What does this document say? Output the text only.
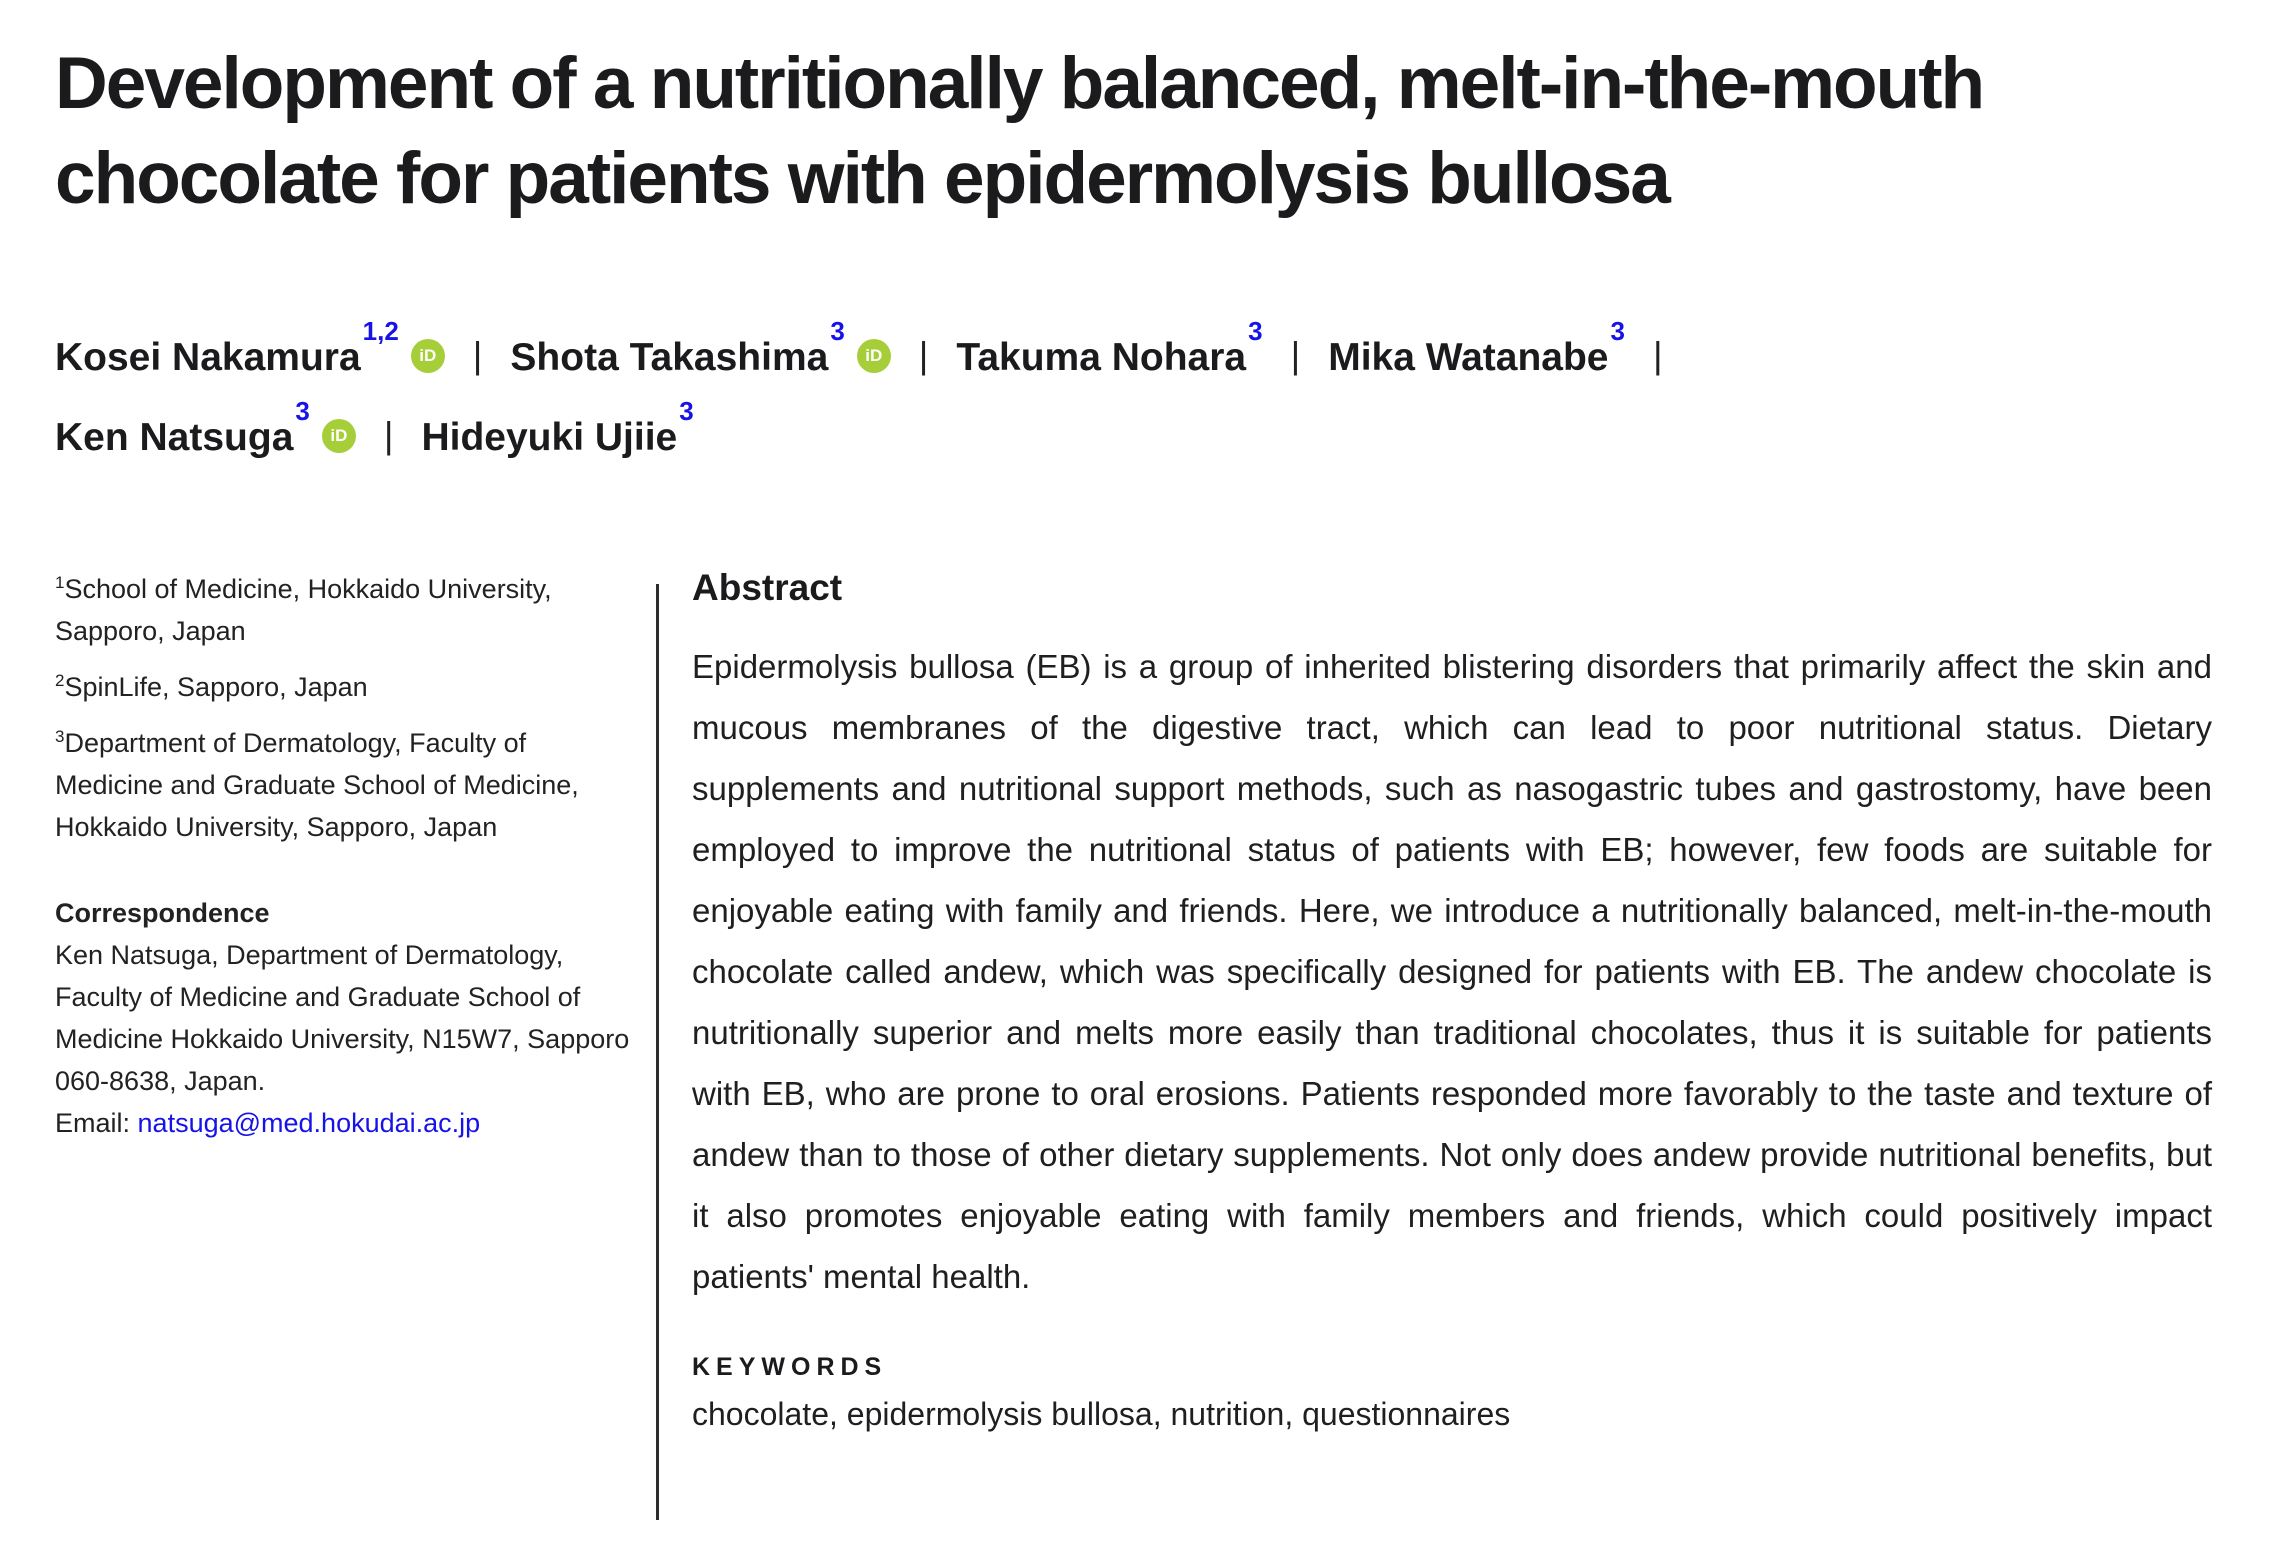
Development of a nutritionally balanced, melt-in-the-mouth
chocolate for patients with epidermolysis bullosa
Kosei Nakamura$^{1,2}$iD | Shota Takashima$^3$iD | Takuma Nohara$^3$| Mika Watanabe$^3$|
Ken Natsuga$^3$iD | Hideyuki Ujiie$^3$
$^1$School of Medicine, Hokkaido University, Sapporo, Japan
$^2$SpinLife, Sapporo, Japan
$^3$Department of Dermatology, Faculty of Medicine and Graduate School of Medicine, Hokkaido University, Sapporo, Japan
Correspondence
Ken Natsuga, Department of Dermatology, Faculty of Medicine and Graduate School of Medicine Hokkaido University, N15W7, Sapporo 060-8638, Japan.
Email: natsuga@med.hokudai.ac.jp
Abstract
Epidermolysis bullosa (EB) is a group of inherited blistering disorders that primarily affect the skin and mucous membranes of the digestive tract, which can lead to poor nutritional status. Dietary supplements and nutritional support methods, such as nasogastric tubes and gastrostomy, have been employed to improve the nutritional status of patients with EB; however, few foods are suitable for enjoyable eating with family and friends. Here, we introduce a nutritionally balanced, melt-in-the-mouth chocolate called andew, which was specifically designed for patients with EB. The andew chocolate is nutritionally superior and melts more easily than traditional chocolates, thus it is suitable for patients with EB, who are prone to oral erosions. Patients responded more favorably to the taste and texture of andew than to those of other dietary supplements. Not only does andew provide nutritional benefits, but it also promotes enjoyable eating with family members and friends, which could positively impact patients' mental health.
KEYWORDS
chocolate, epidermolysis bullosa, nutrition, questionnaires
